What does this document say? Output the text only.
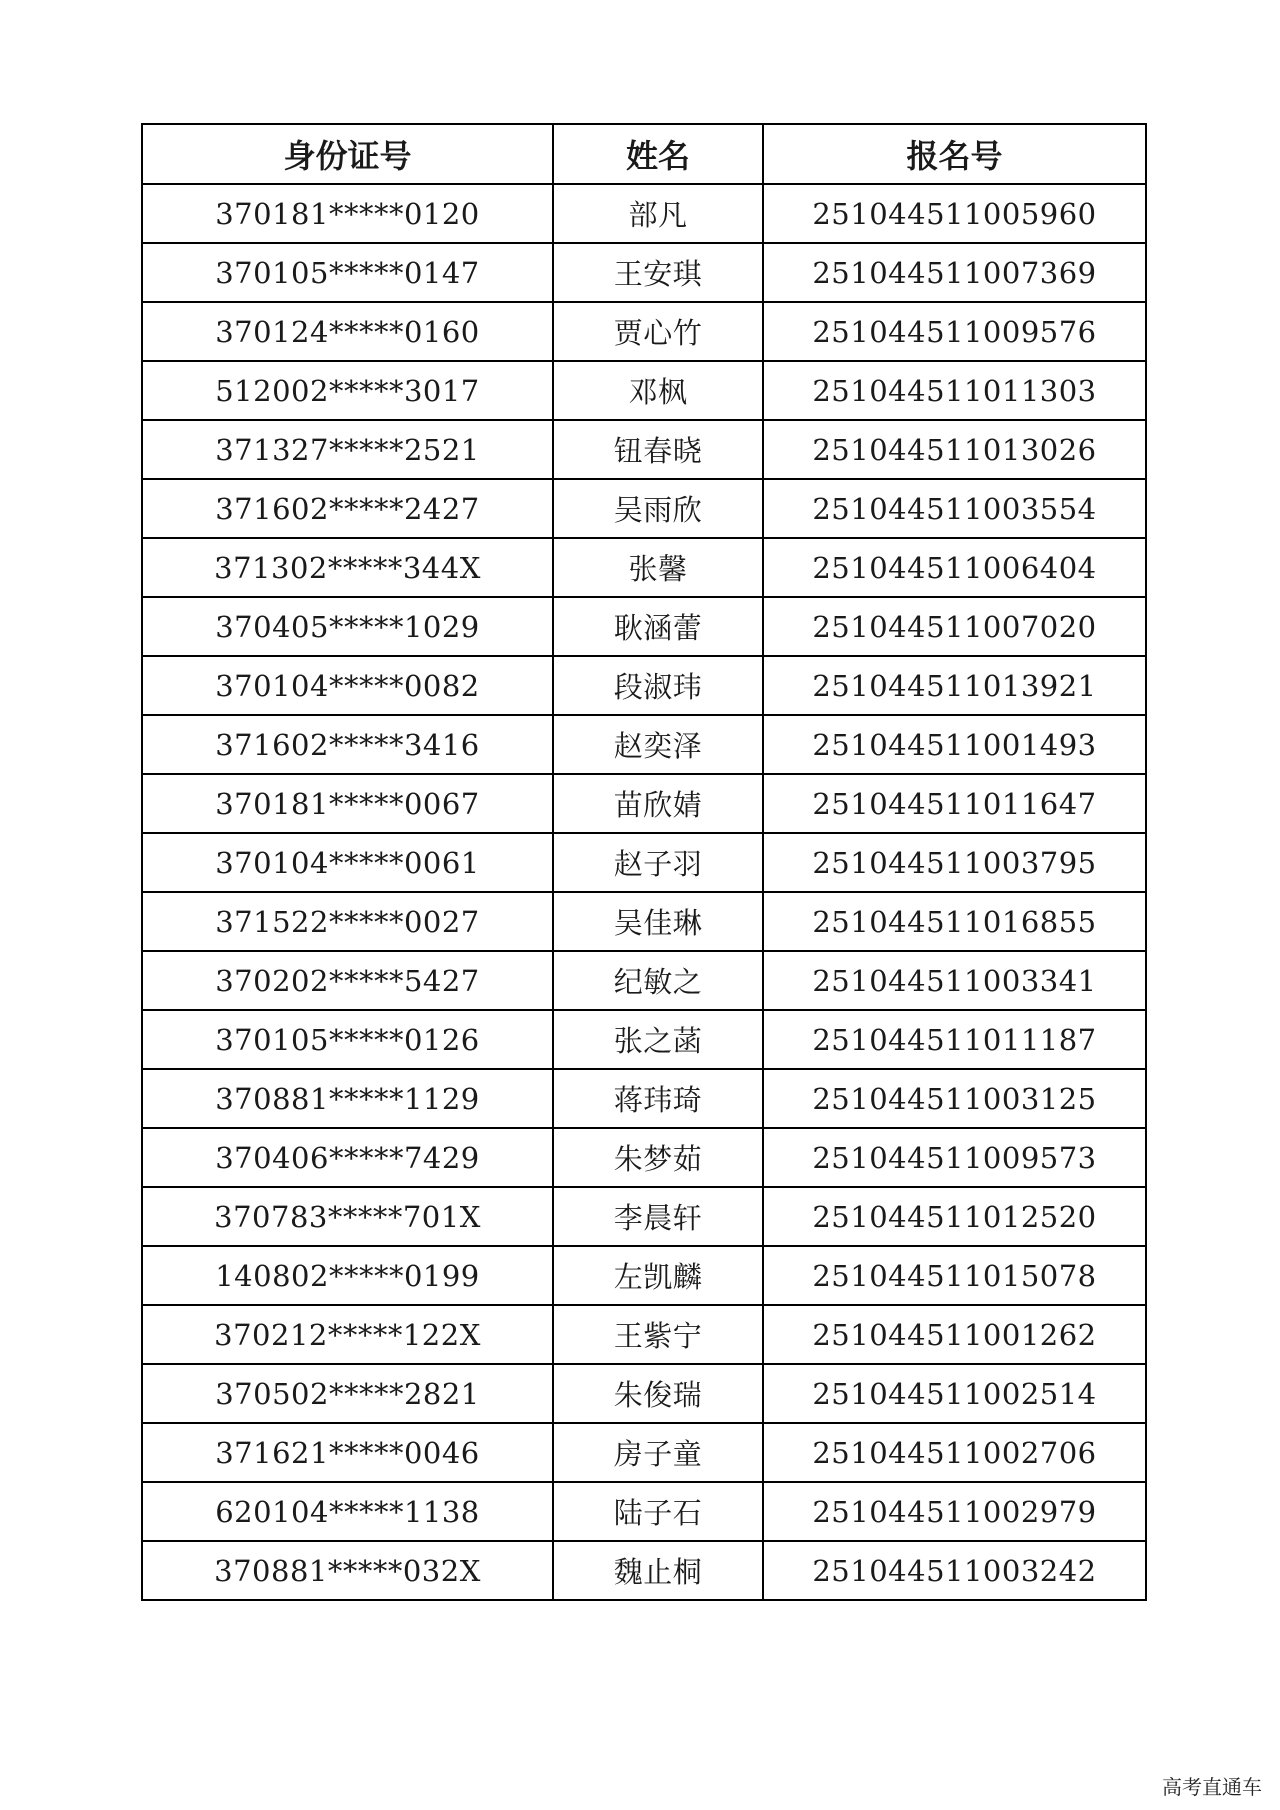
身份证号	姓名	报名号
370181*****0120	部凡	251044511005960
370105*****0147	王安琪	251044511007369
370124*****0160	贾心竹	251044511009576
512002*****3017	邓枫	251044511011303
371327*****2521	钮春晓	251044511013026
371602*****2427	吴雨欣	251044511003554
371302*****344X	张馨	251044511006404
370405*****1029	耿涵蕾	251044511007020
370104*****0082	段淑玮	251044511013921
371602*****3416	赵奕泽	251044511001493
370181*****0067	苗欣婧	251044511011647
370104*****0061	赵子羽	251044511003795
371522*****0027	吴佳琳	251044511016855
370202*****5427	纪敏之	251044511003341
370105*****0126	张之菡	251044511011187
370881*****1129	蒋玮琦	251044511003125
370406*****7429	朱梦茹	251044511009573
370783*****701X	李晨轩	251044511012520
140802*****0199	左凯麟	251044511015078
370212*****122X	王紫宁	251044511001262
370502*****2821	朱俊瑞	251044511002514
371621*****0046	房子童	251044511002706
620104*****1138	陆子石	251044511002979
370881*****032X	魏止桐	251044511003242
高考直通车
